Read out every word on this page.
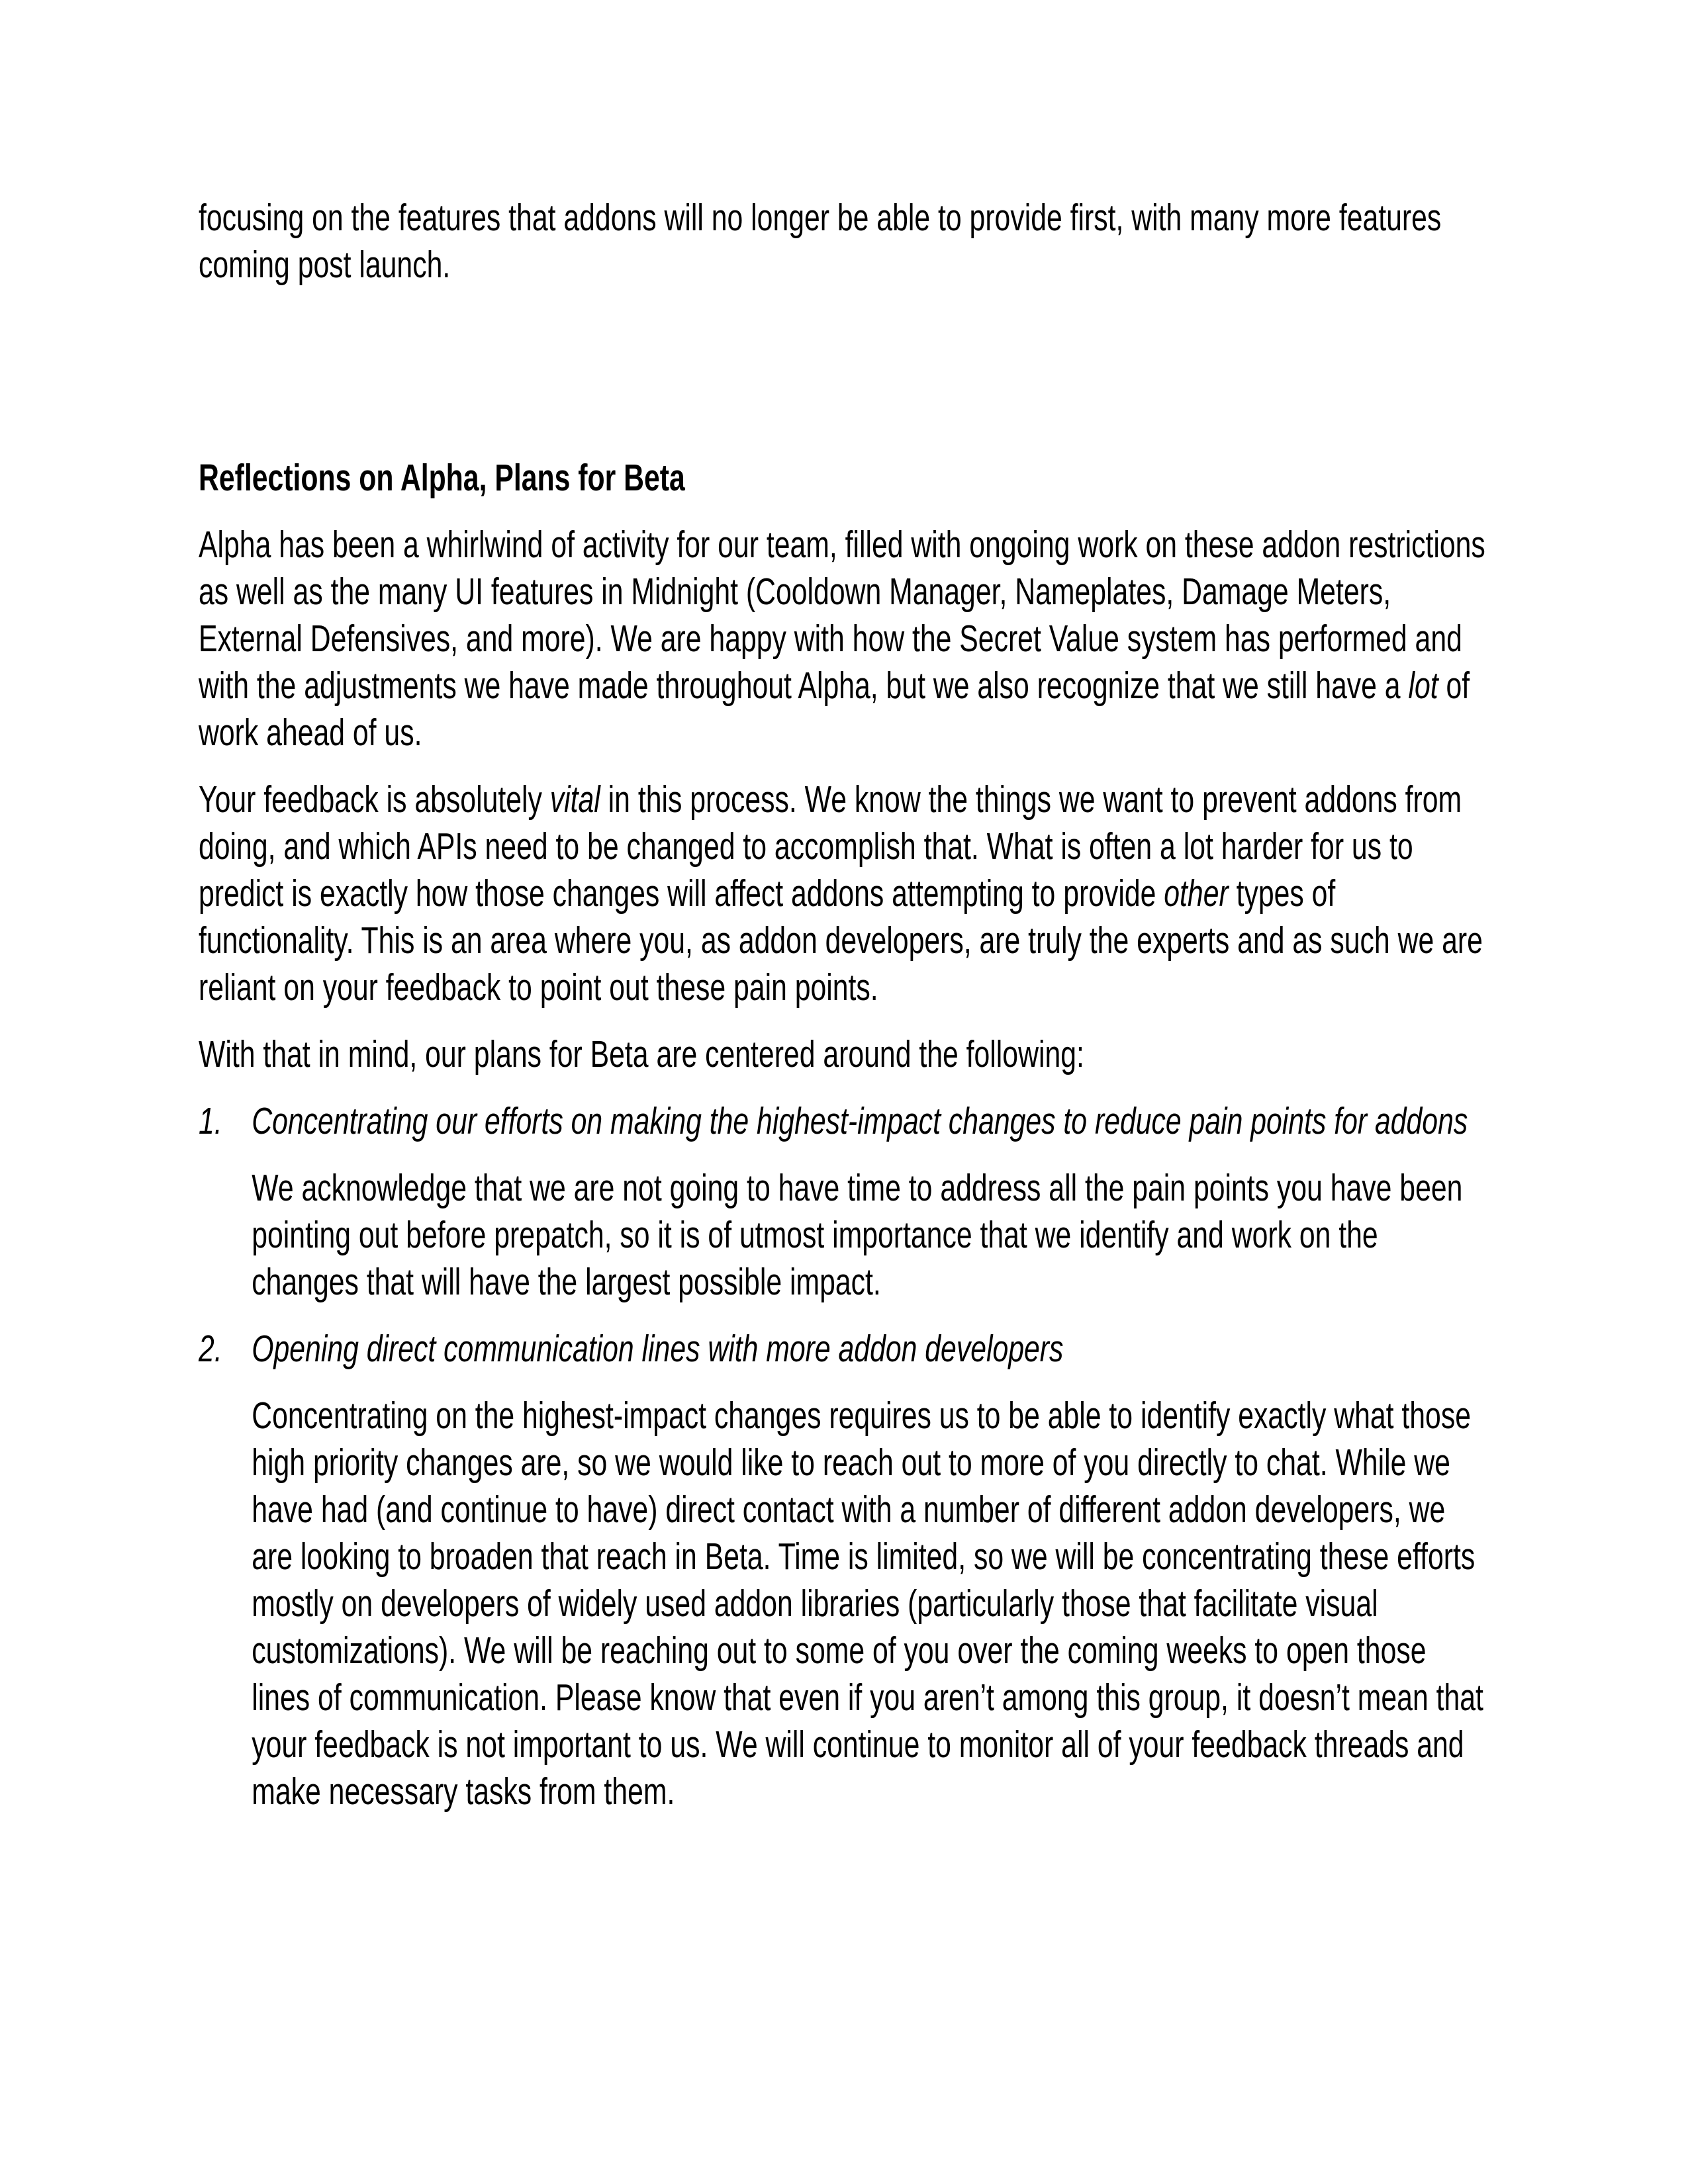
focusing on the features that addons will no longer be able to provide first, with many more features coming post launch.
Reflections on Alpha, Plans for Beta
Alpha has been a whirlwind of activity for our team, filled with ongoing work on these addon restrictions as well as the many UI features in Midnight (Cooldown Manager, Nameplates, Damage Meters, External Defensives, and more). We are happy with how the Secret Value system has performed and with the adjustments we have made throughout Alpha, but we also recognize that we still have a lot of work ahead of us.
Your feedback is absolutely vital in this process. We know the things we want to prevent addons from doing, and which APIs need to be changed to accomplish that. What is often a lot harder for us to predict is exactly how those changes will affect addons attempting to provide other types of functionality. This is an area where you, as addon developers, are truly the experts and as such we are reliant on your feedback to point out these pain points.
With that in mind, our plans for Beta are centered around the following:
1. Concentrating our efforts on making the highest-impact changes to reduce pain points for addons
We acknowledge that we are not going to have time to address all the pain points you have been pointing out before prepatch, so it is of utmost importance that we identify and work on the changes that will have the largest possible impact.
2. Opening direct communication lines with more addon developers
Concentrating on the highest-impact changes requires us to be able to identify exactly what those high priority changes are, so we would like to reach out to more of you directly to chat. While we have had (and continue to have) direct contact with a number of different addon developers, we are looking to broaden that reach in Beta. Time is limited, so we will be concentrating these efforts mostly on developers of widely used addon libraries (particularly those that facilitate visual customizations). We will be reaching out to some of you over the coming weeks to open those lines of communication. Please know that even if you aren’t among this group, it doesn’t mean that your feedback is not important to us. We will continue to monitor all of your feedback threads and make necessary tasks from them.
